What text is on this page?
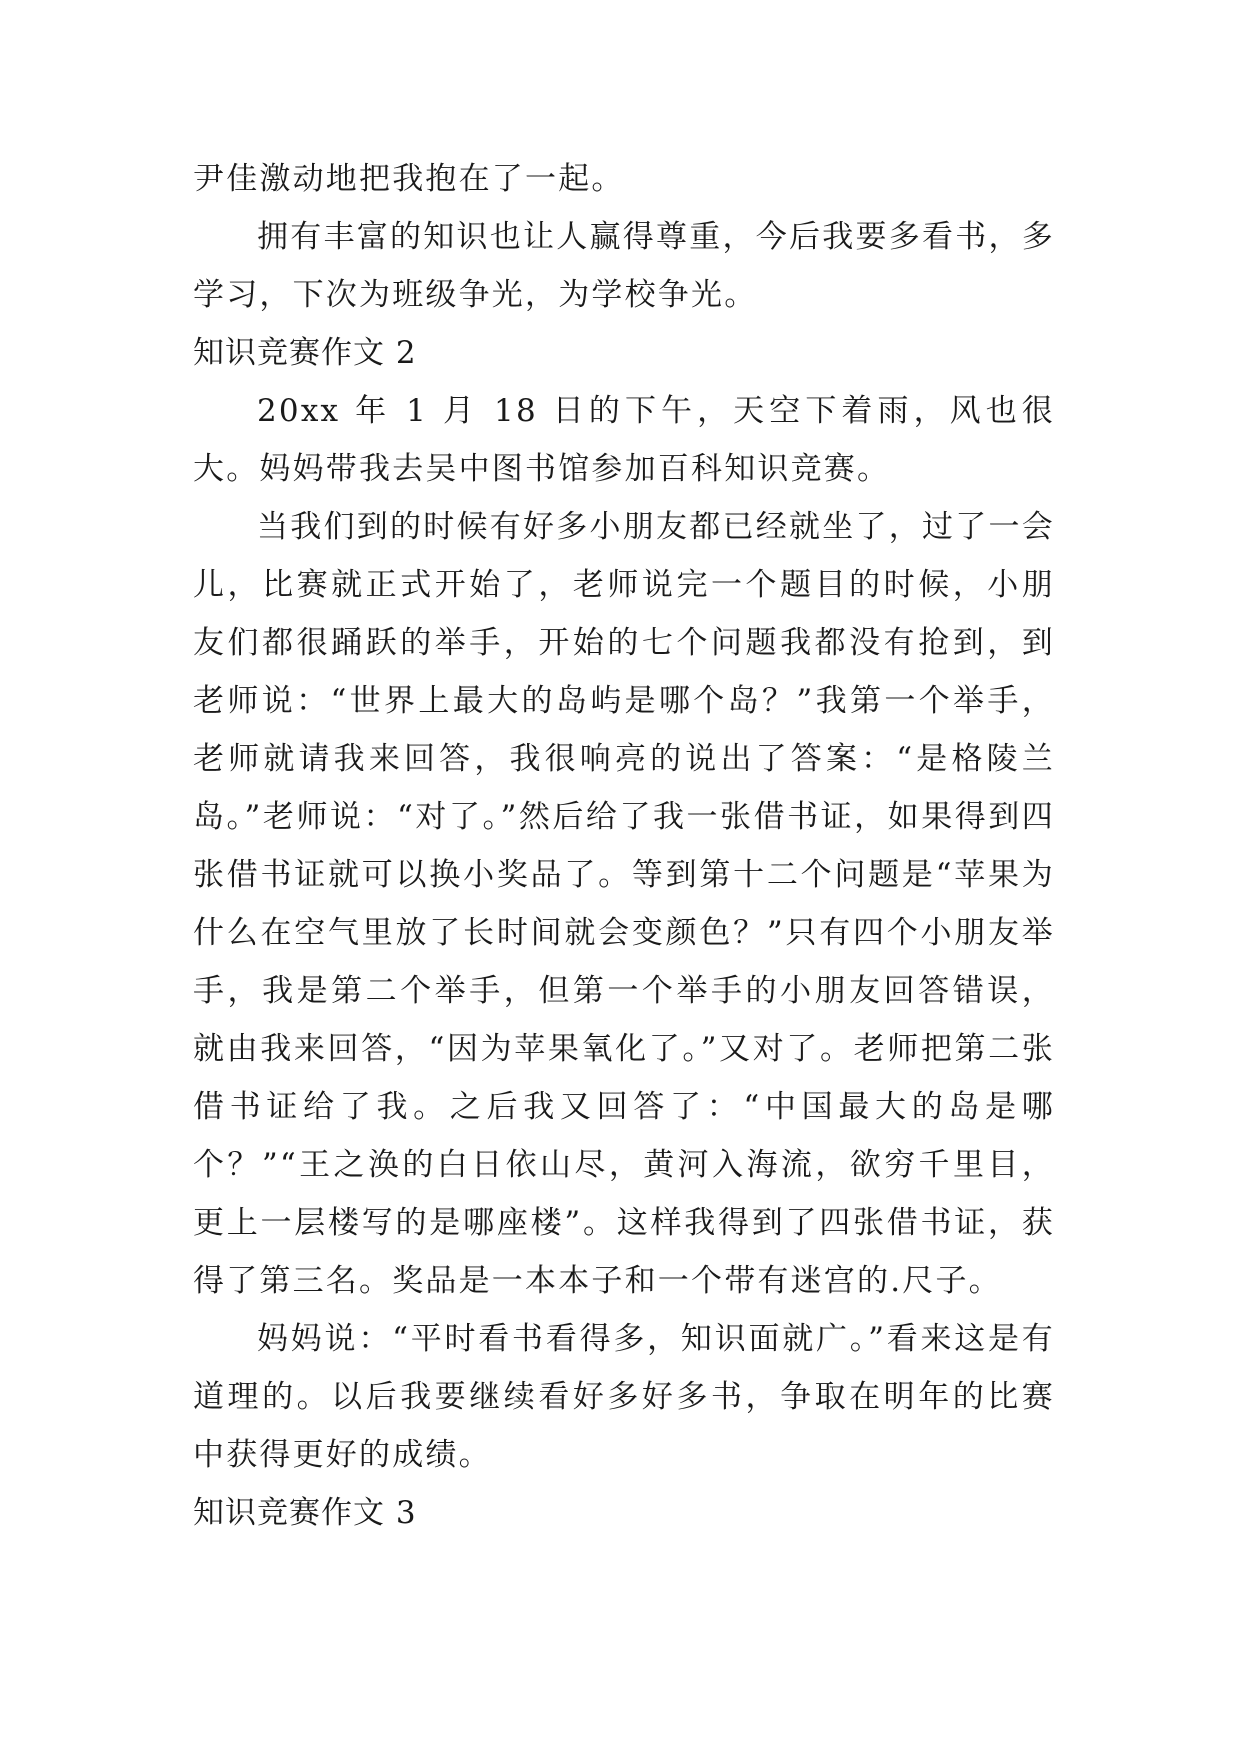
尹佳激动地把我抱在了一起。

拥有丰富的知识也让人赢得尊重，今后我要多看书，多学习，下次为班级争光，为学校争光。

知识竞赛作文 2

20xx 年 1 月 18 日的下午，天空下着雨，风也很大。妈妈带我去吴中图书馆参加百科知识竞赛。

当我们到的时候有好多小朋友都已经就坐了，过了一会儿，比赛就正式开始了，老师说完一个题目的时候，小朋友们都很踊跃的举手，开始的七个问题我都没有抢到，到老师说：“世界上最大的岛屿是哪个岛？”我第一个举手，老师就请我来回答，我很响亮的说出了答案：“是格陵兰岛。”老师说：“对了。”然后给了我一张借书证，如果得到四张借书证就可以换小奖品了。等到第十二个问题是“苹果为什么在空气里放了长时间就会变颜色？”只有四个小朋友举手，我是第二个举手，但第一个举手的小朋友回答错误，就由我来回答，“因为苹果氧化了。”又对了。老师把第二张借书证给了我。之后我又回答了：“中国最大的岛是哪个？”“王之涣的白日依山尽，黄河入海流，欲穷千里目，更上一层楼写的是哪座楼”。这样我得到了四张借书证，获得了第三名。奖品是一本本子和一个带有迷宫的.尺子。

妈妈说：“平时看书看得多，知识面就广。”看来这是有道理的。以后我要继续看好多好多书，争取在明年的比赛中获得更好的成绩。

知识竞赛作文 3
